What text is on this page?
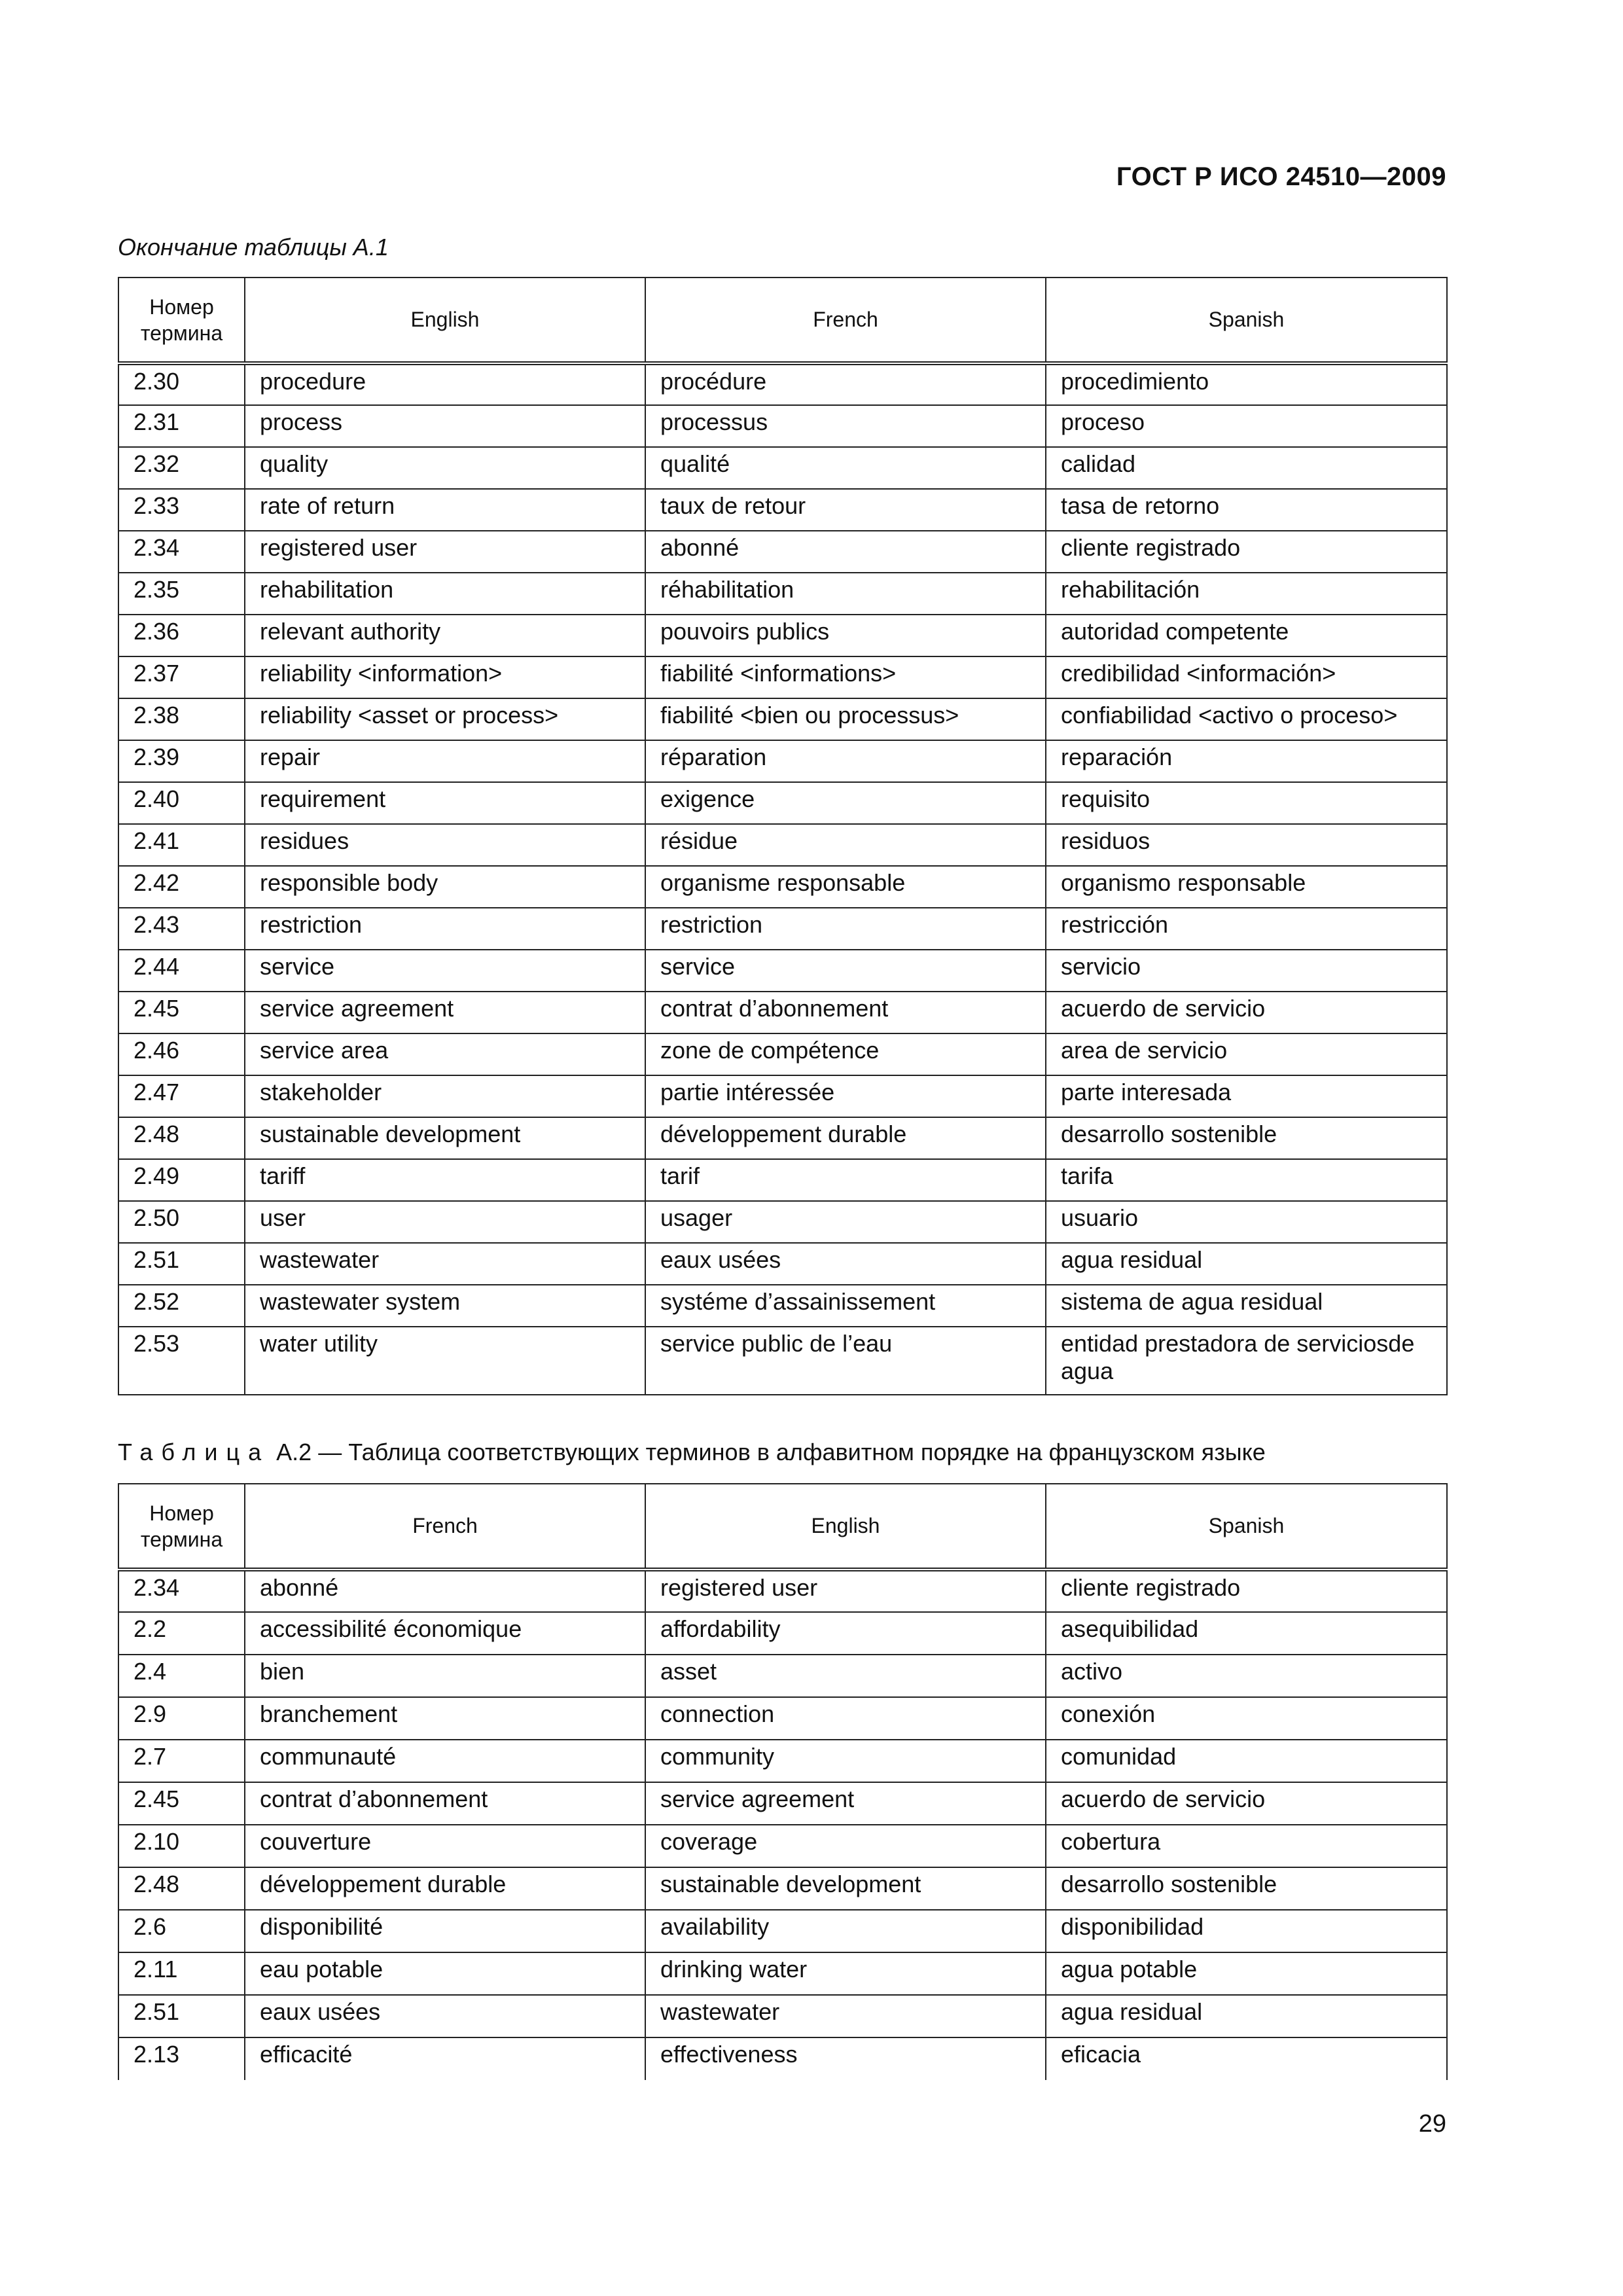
ГОСТ Р ИСО 24510—2009
Окончание таблицы А.1
Номер термина	English	French	Spanish
2.30	procedure	procédure	procedimiento
2.31	process	processus	proceso
2.32	quality	qualité	calidad
2.33	rate of return	taux de retour	tasa de retorno
2.34	registered user	abonné	cliente registrado
2.35	rehabilitation	réhabilitation	rehabilitación
2.36	relevant authority	pouvoirs publics	autoridad competente
2.37	reliability <information>	fiabilité <informations>	credibilidad <información>
2.38	reliability <asset or process>	fiabilité <bien ou processus>	confiabilidad <activo o proceso>
2.39	repair	réparation	reparación
2.40	requirement	exigence	requisito
2.41	residues	résidue	residuos
2.42	responsible body	organisme responsable	organismo responsable
2.43	restriction	restriction	restricción
2.44	service	service	servicio
2.45	service agreement	contrat d’abonnement	acuerdo de servicio
2.46	service area	zone de compétence	area de servicio
2.47	stakeholder	partie intéressée	parte interesada
2.48	sustainable development	développement durable	desarrollo sostenible
2.49	tariff	tarif	tarifa
2.50	user	usager	usuario
2.51	wastewater	eaux usées	agua residual
2.52	wastewater system	systéme d’assainissement	sistema de agua residual
2.53	water utility	service public de l’eau	entidad prestadora de serviciosde agua
Таблица А.2 — Таблица соответствующих терминов в алфавитном порядке на французском языке
Номер термина	French	English	Spanish
2.34	abonné	registered user	cliente registrado
2.2	accessibilité économique	affordability	asequibilidad
2.4	bien	asset	activo
2.9	branchement	connection	conexión
2.7	communauté	community	comunidad
2.45	contrat d’abonnement	service agreement	acuerdo de servicio
2.10	couverture	coverage	cobertura
2.48	développement durable	sustainable development	desarrollo sostenible
2.6	disponibilité	availability	disponibilidad
2.11	eau potable	drinking water	agua potable
2.51	eaux usées	wastewater	agua residual
2.13	efficacité	effectiveness	eficacia
29
